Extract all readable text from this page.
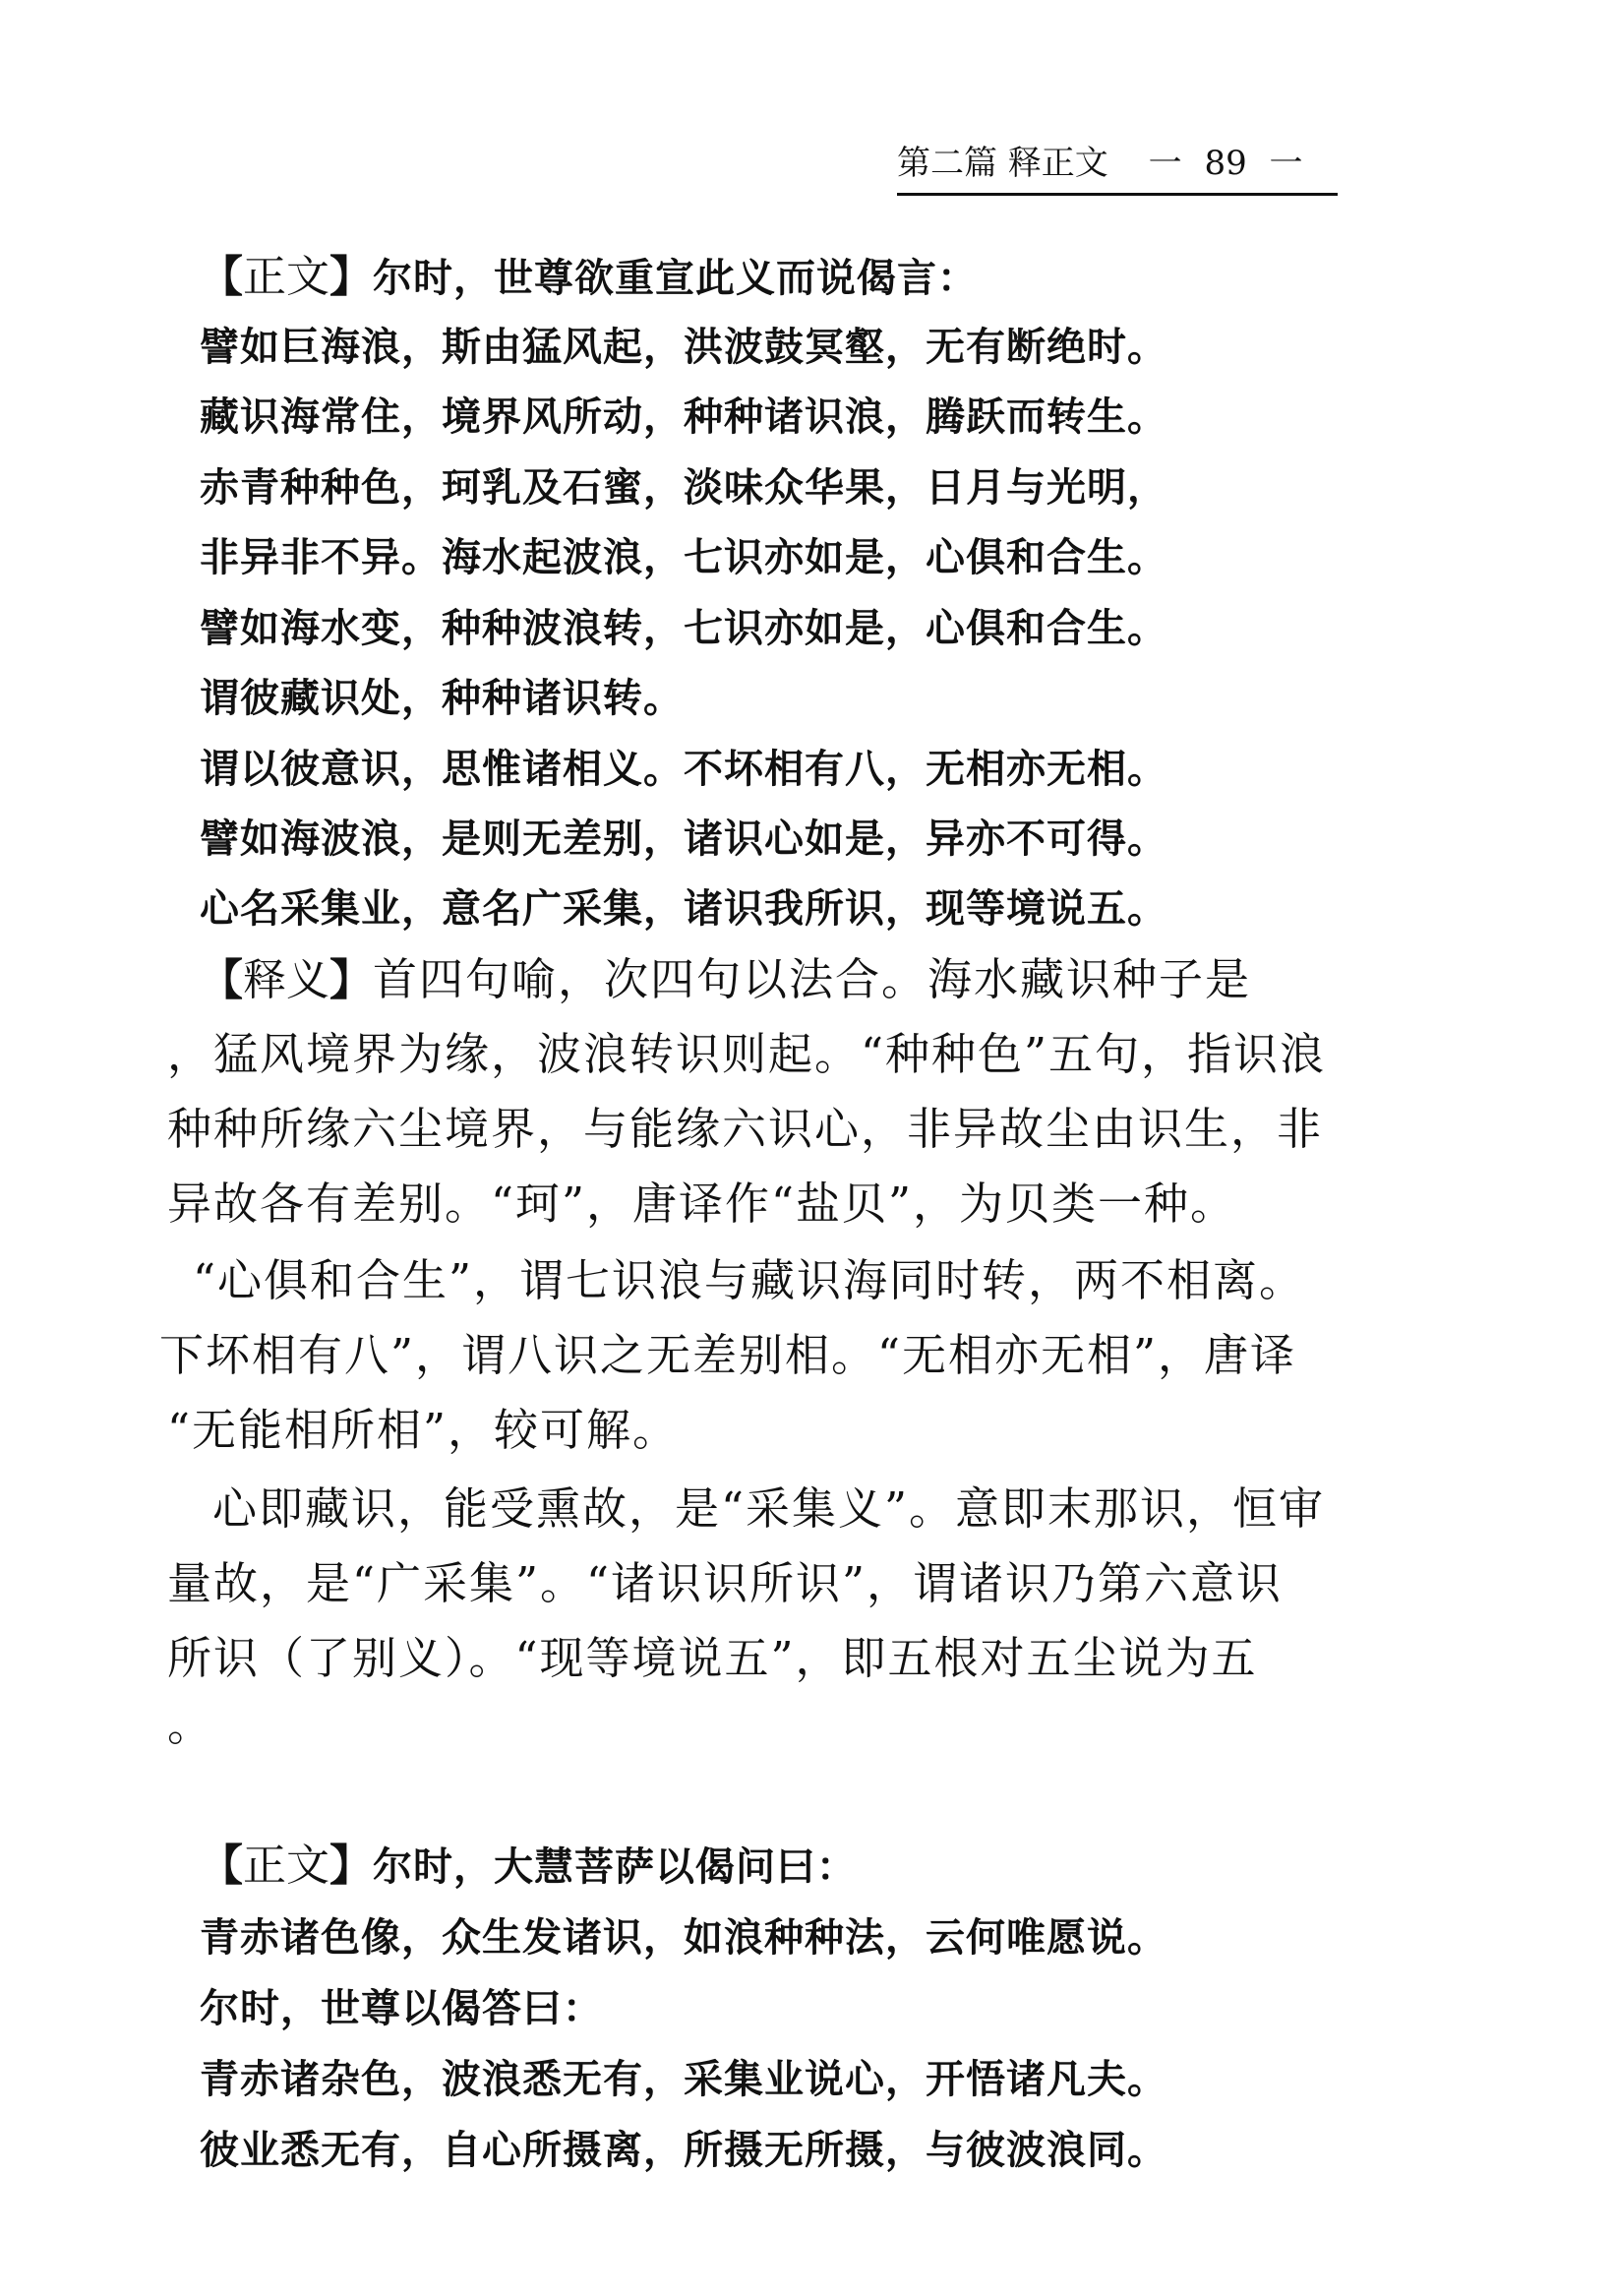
第二篇 释正文 一 89 一
【正文】尔时，世尊欲重宣此义而说偈言：
譬如巨海浪，斯由猛风起，洪波鼓冥壑，无有断绝时。
藏识海常住，境界风所动，种种诸识浪，腾跃而转生。
赤青种种色，珂乳及石蜜，淡味众华果，日月与光明，
非异非不异。海水起波浪，七识亦如是，心俱和合生。
譬如海水变，种种波浪转，七识亦如是，心俱和合生。
谓彼藏识处，种种诸识转。
谓以彼意识，思惟诸相义。不坏相有八，无相亦无相。
譬如海波浪，是则无差别，诸识心如是，异亦不可得。
心名采集业，意名广采集，诸识我所识，现等境说五。
【释义】首四句喻，次四句以法合。海水藏识种子是
，猛风境界为缘，波浪转识则起。“种种色”五句，指识浪
种种所缘六尘境界，与能缘六识心，非异故尘由识生，非
异故各有差别。“珂”，唐译作“盐贝”，为贝类一种。
“心俱和合生”，谓七识浪与藏识海同时转，两不相离。
下坏相有八”，谓八识之无差别相。“无相亦无相”，唐译
“无能相所相”，较可解。
心即藏识，能受熏故，是“采集义”。意即末那识，恒审
量故，是“广采集”。“诸识识所识”，谓诸识乃第六意识
所识（了别义）。“现等境说五”，即五根对五尘说为五
。
【正文】尔时，大慧菩萨以偈问曰：
青赤诸色像，众生发诸识，如浪种种法，云何唯愿说。
尔时，世尊以偈答曰：
青赤诸杂色，波浪悉无有，采集业说心，开悟诸凡夫。
彼业悉无有，自心所摄离，所摄无所摄，与彼波浪同。
